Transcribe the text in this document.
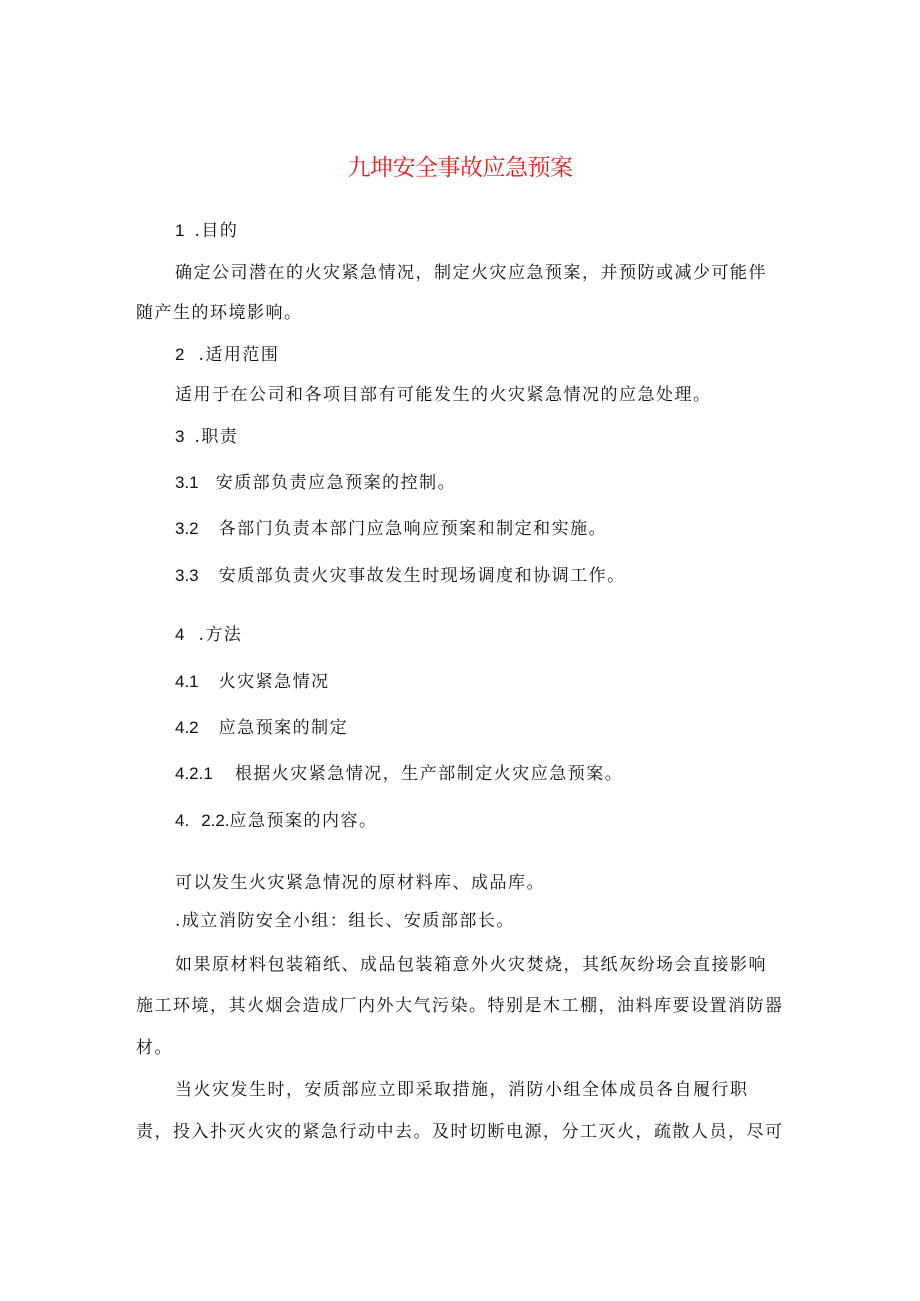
九坤安全事故应急预案
1 .目的
确定公司潜在的火灾紧急情况，制定火灾应急预案，并预防或减少可能伴
随产生的环境影响。
2 .适用范围
适用于在公司和各项目部有可能发生的火灾紧急情况的应急处理。
3 .职责
3.1 安质部负责应急预案的控制。
3.2 各部门负责本部门应急响应预案和制定和实施。
3.3 安质部负责火灾事故发生时现场调度和协调工作。
4 .方法
4.1 火灾紧急情况
4.2 应急预案的制定
4.2.1 根据火灾紧急情况，生产部制定火灾应急预案。
4. 2.2.应急预案的内容。
可以发生火灾紧急情况的原材料库、成品库。
.成立消防安全小组：组长、安质部部长。
如果原材料包装箱纸、成品包装箱意外火灾焚烧，其纸灰纷场会直接影响
施工环境，其火烟会造成厂内外大气污染。特别是木工棚，油料库要设置消防器
材。
当火灾发生时，安质部应立即采取措施，消防小组全体成员各自履行职
责，投入扑灭火灾的紧急行动中去。及时切断电源，分工灭火，疏散人员，尽可
